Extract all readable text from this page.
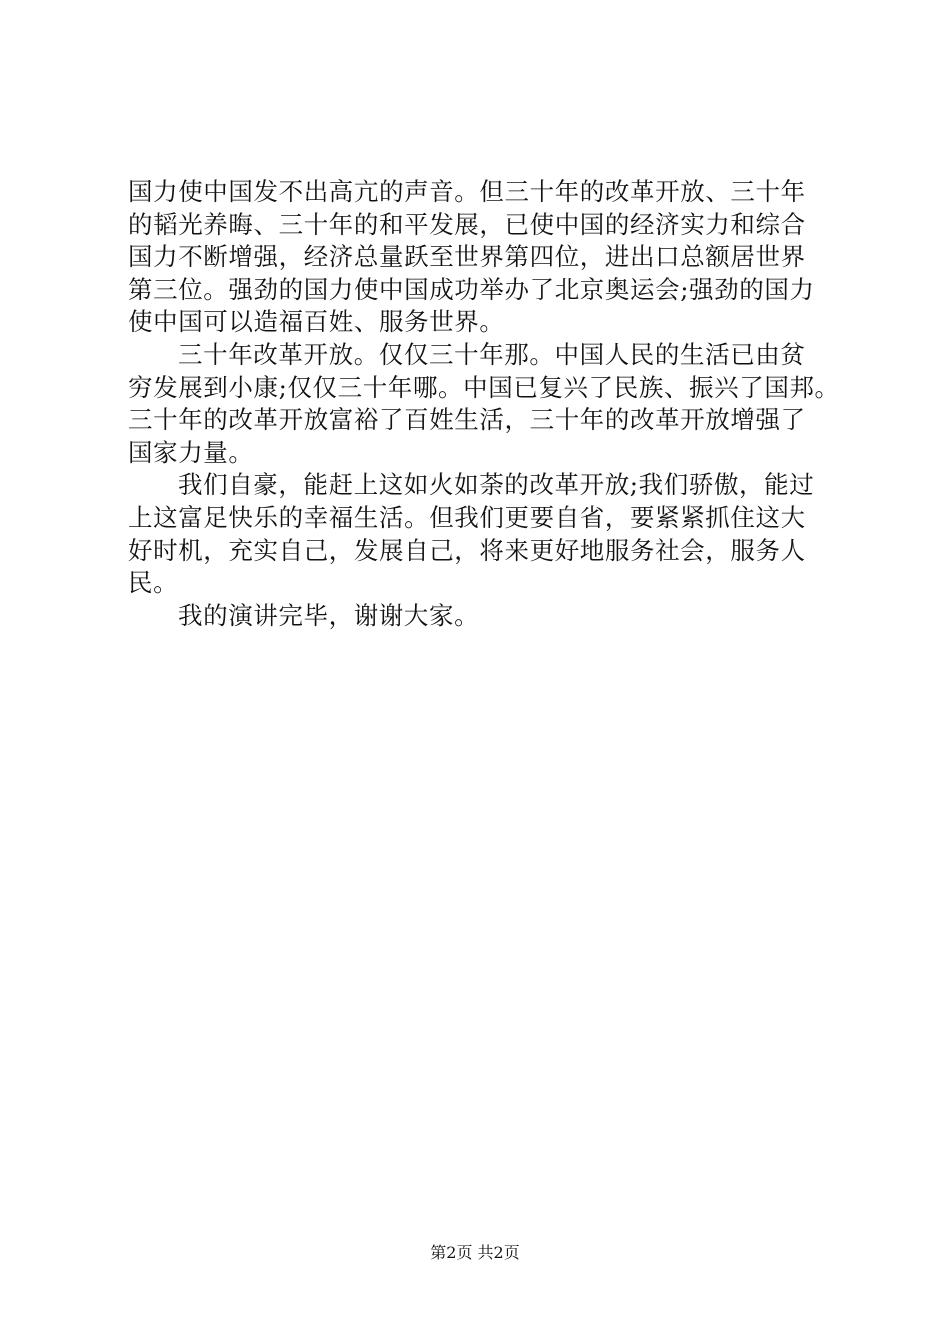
国力使中国发不出高亢的声音。但三十年的改革开放、三十年
的韬光养晦、三十年的和平发展，已使中国的经济实力和综合
国力不断增强，经济总量跃至世界第四位，进出口总额居世界
第三位。强劲的国力使中国成功举办了北京奥运会;强劲的国力
使中国可以造福百姓、服务世界。
三十年改革开放。仅仅三十年那。中国人民的生活已由贫
穷发展到小康;仅仅三十年哪。中国已复兴了民族、振兴了国邦。
三十年的改革开放富裕了百姓生活，三十年的改革开放增强了
国家力量。
我们自豪，能赶上这如火如荼的改革开放;我们骄傲，能过
上这富足快乐的幸福生活。但我们更要自省，要紧紧抓住这大
好时机，充实自己，发展自己，将来更好地服务社会，服务人
民。
我的演讲完毕，谢谢大家。
第2页 共2页
